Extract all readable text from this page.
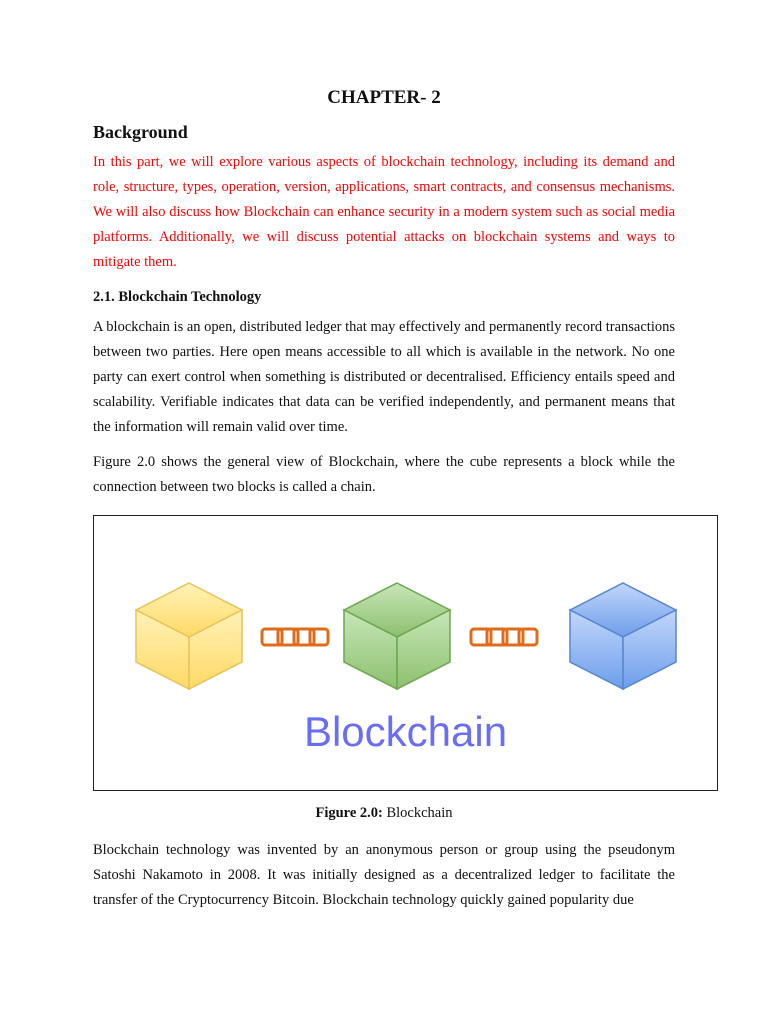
CHAPTER- 2
Background

In this part, we will explore various aspects of blockchain technology, including its demand and role, structure, types, operation, version, applications, smart contracts, and consensus mechanisms. We will also discuss how Blockchain can enhance security in a modern system such as social media platforms. Additionally, we will discuss potential attacks on blockchain systems and ways to mitigate them.

2.1. Blockchain Technology

A blockchain is an open, distributed ledger that may effectively and permanently record transactions between two parties. Here open means accessible to all which is available in the network. No one party can exert control when something is distributed or decentralised. Efficiency entails speed and scalability. Verifiable indicates that data can be verified independently, and permanent means that the information will remain valid over time.

Figure 2.0 shows the general view of Blockchain, where the cube represents a block while the connection between two blocks is called a chain.

Blockchain
Figure 2.0: Blockchain

Blockchain technology was invented by an anonymous person or group using the pseudonym Satoshi Nakamoto in 2008. It was initially designed as a decentralized ledger to facilitate the transfer of the Cryptocurrency Bitcoin. Blockchain technology quickly gained popularity due
